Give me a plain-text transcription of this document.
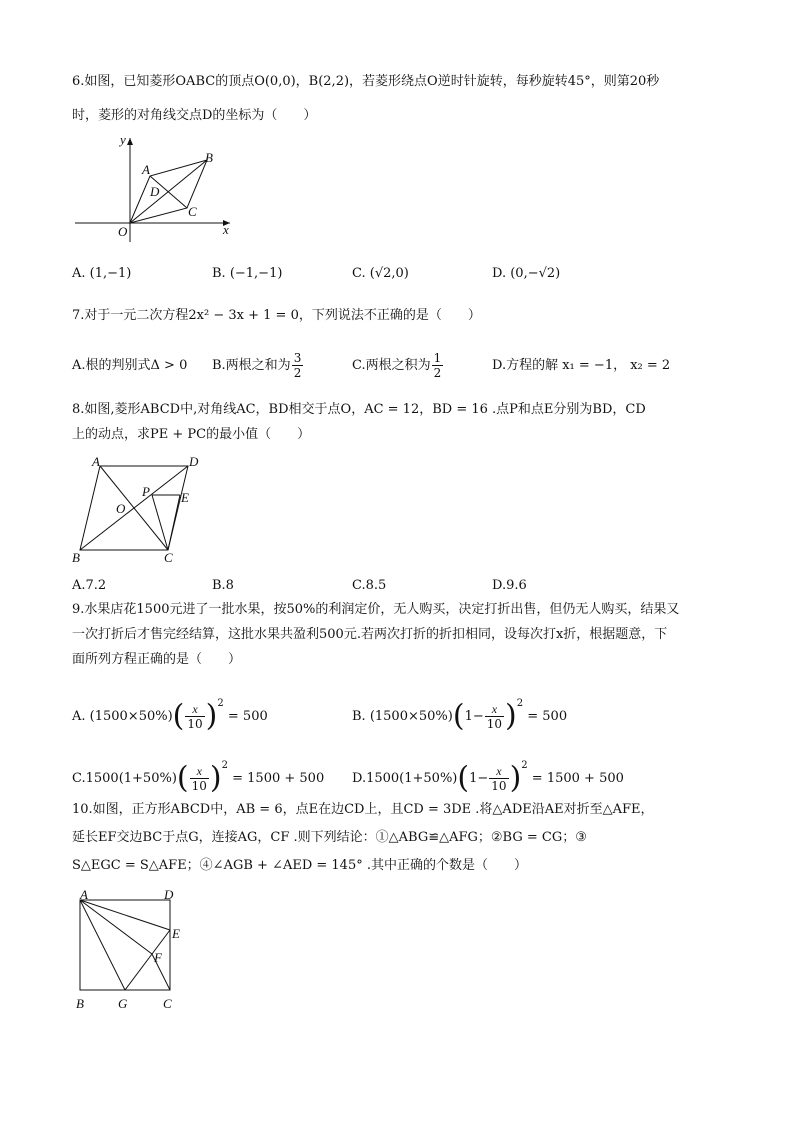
6.如图，已知菱形OABC的顶点O(0,0)，B(2,2)，若菱形绕点O逆时针旋转，每秒旋转45°，则第20秒
时，菱形的对角线交点D的坐标为（　　）
y
x
O
A
B
C
D
A. (1,−1)	B. (−1,−1)	C. (√2,0)	D. (0,−√2)
7.对于一元二次方程2x² − 3x + 1 = 0，下列说法不正确的是（　　）
A.根的判别式Δ > 0 B.两根之和为 $\frac{3}{2}$	C.两根之积为 $\frac{1}{2}$	D.方程的解 x₁ = −1， x₂ = 2
8.如图,菱形ABCD中,对角线AC，BD相交于点O，AC = 12，BD = 16 .点P和点E分别为BD，CD
上的动点，求PE + PC的最小值（　　）
A	D
P E
O
B	C
A.7.2	B.8	C.8.5	D.9.6
9.水果店花1500元进了一批水果，按50%的利润定价，无人购买，决定打折出售，但仍无人购买，结果又
一次打折后才售完经结算，这批水果共盈利500元.若两次打折的折扣相同，设每次打x折，根据题意，下
面所列方程正确的是（　　）
A. $(1500\times 50\%)( \frac{x}{10} )^2 = 500$	B. $(1500\times 50\%)(1- \frac{x}{10} )^2 = 500$
$C.1500(1+50\%)( \frac{x}{10} )^2 = 1500 + 500$ $D.1500(1+50\%)(1- \frac{x}{10} )^2 = 1500 + 500$
10.如图，正方形ABCD中，AB = 6，点E在边CD上，且CD = 3DE .将△ADE沿AE对折至△AFE，
延长EF交边BC于点G，连接AG，CF .则下列结论：①△ABG≌△AFG；②BG = CG；③
S△EGC = S△AFE；④∠AGB + ∠AED = 145° .其中正确的个数是（　　）
A	D
E
F
B	G	C
